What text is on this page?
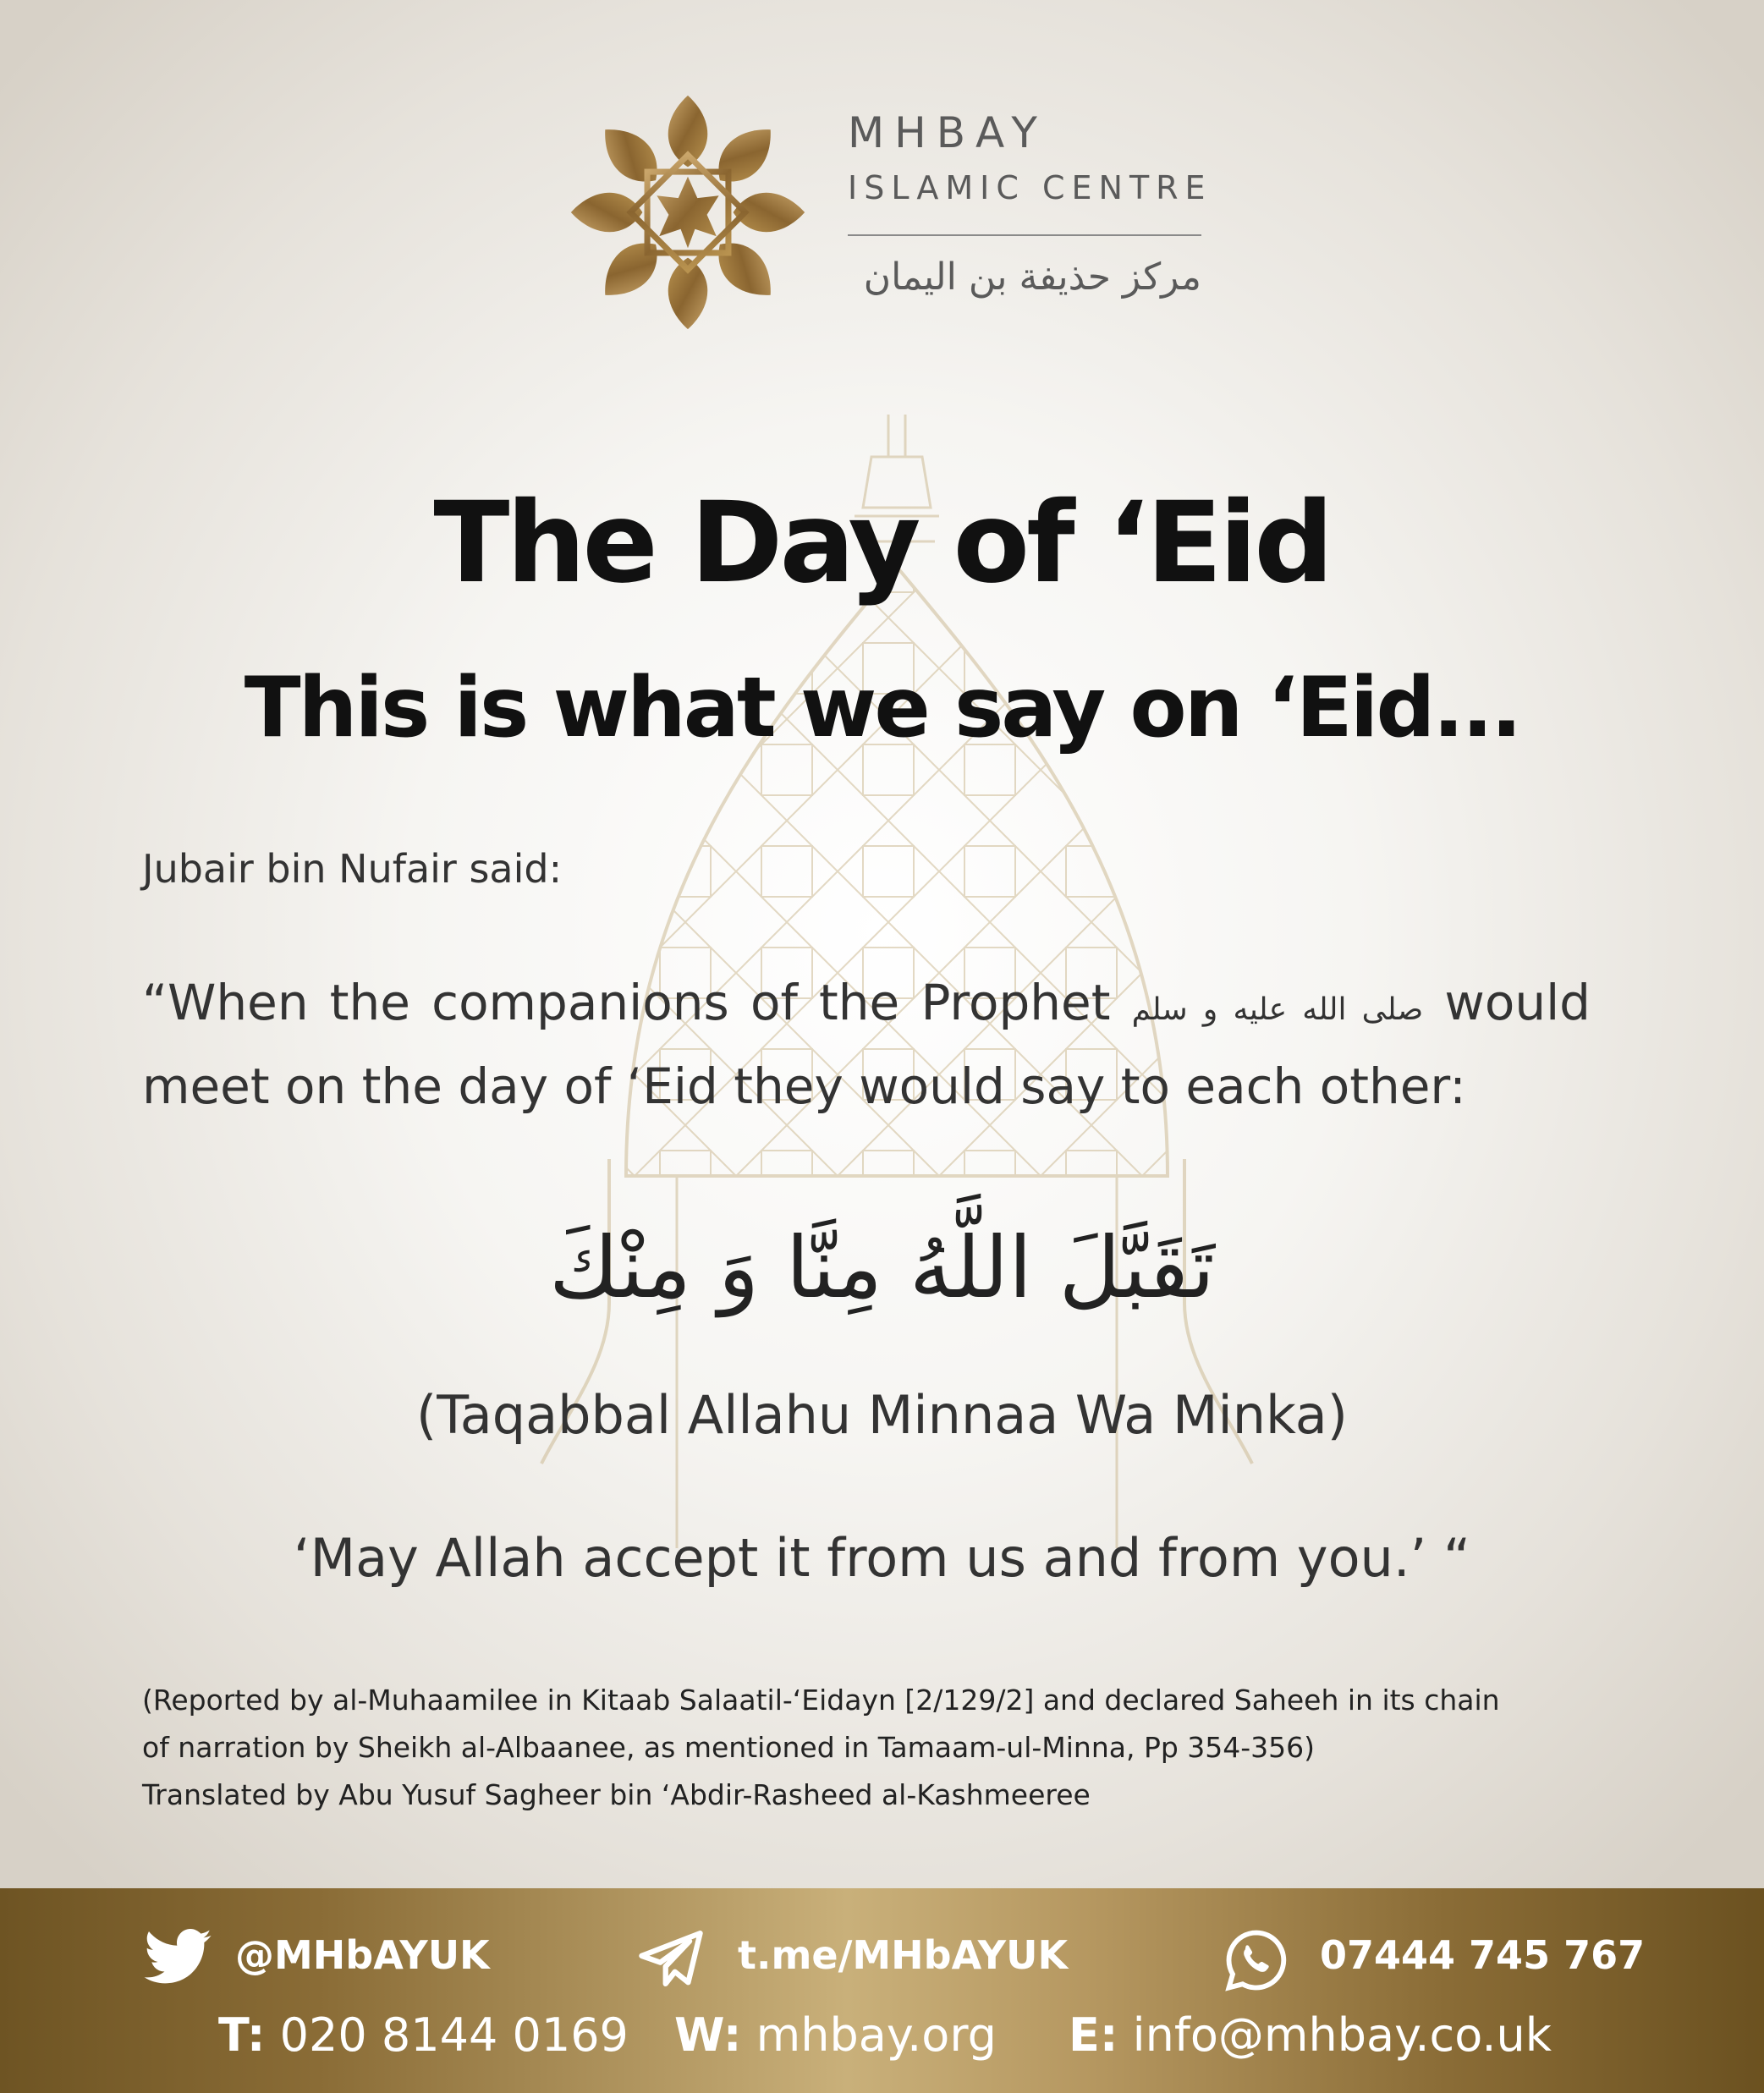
MHBAY
ISLAMIC CENTRE
مركز حذيفة بن اليمان
The Day of ‘Eid
This is what we say on ‘Eid...
Jubair bin Nufair said:
“When the companions of the Prophet صلى الله عليه و سلم would meet on the day of ‘Eid they would say to each other:
تَقَبَّلَ اللَّهُ مِنَّا وَ مِنْكَ
(Taqabbal Allahu Minnaa Wa Minka)
‘May Allah accept it from us and from you.’ “
(Reported by al-Muhaamilee in Kitaab Salaatil-‘Eidayn [2/129/2] and declared Saheeh in its chain
of narration by Sheikh al-Albaanee, as mentioned in Tamaam-ul-Minna, Pp 354-356)
Translated by Abu Yusuf Sagheer bin ‘Abdir-Rasheed al-Kashmeeree
@MHbAYUK	t.me/MHbAYUK	07444 745 767
T: 020 8144 0169 W: mhbay.org E: info@mhbay.co.uk
